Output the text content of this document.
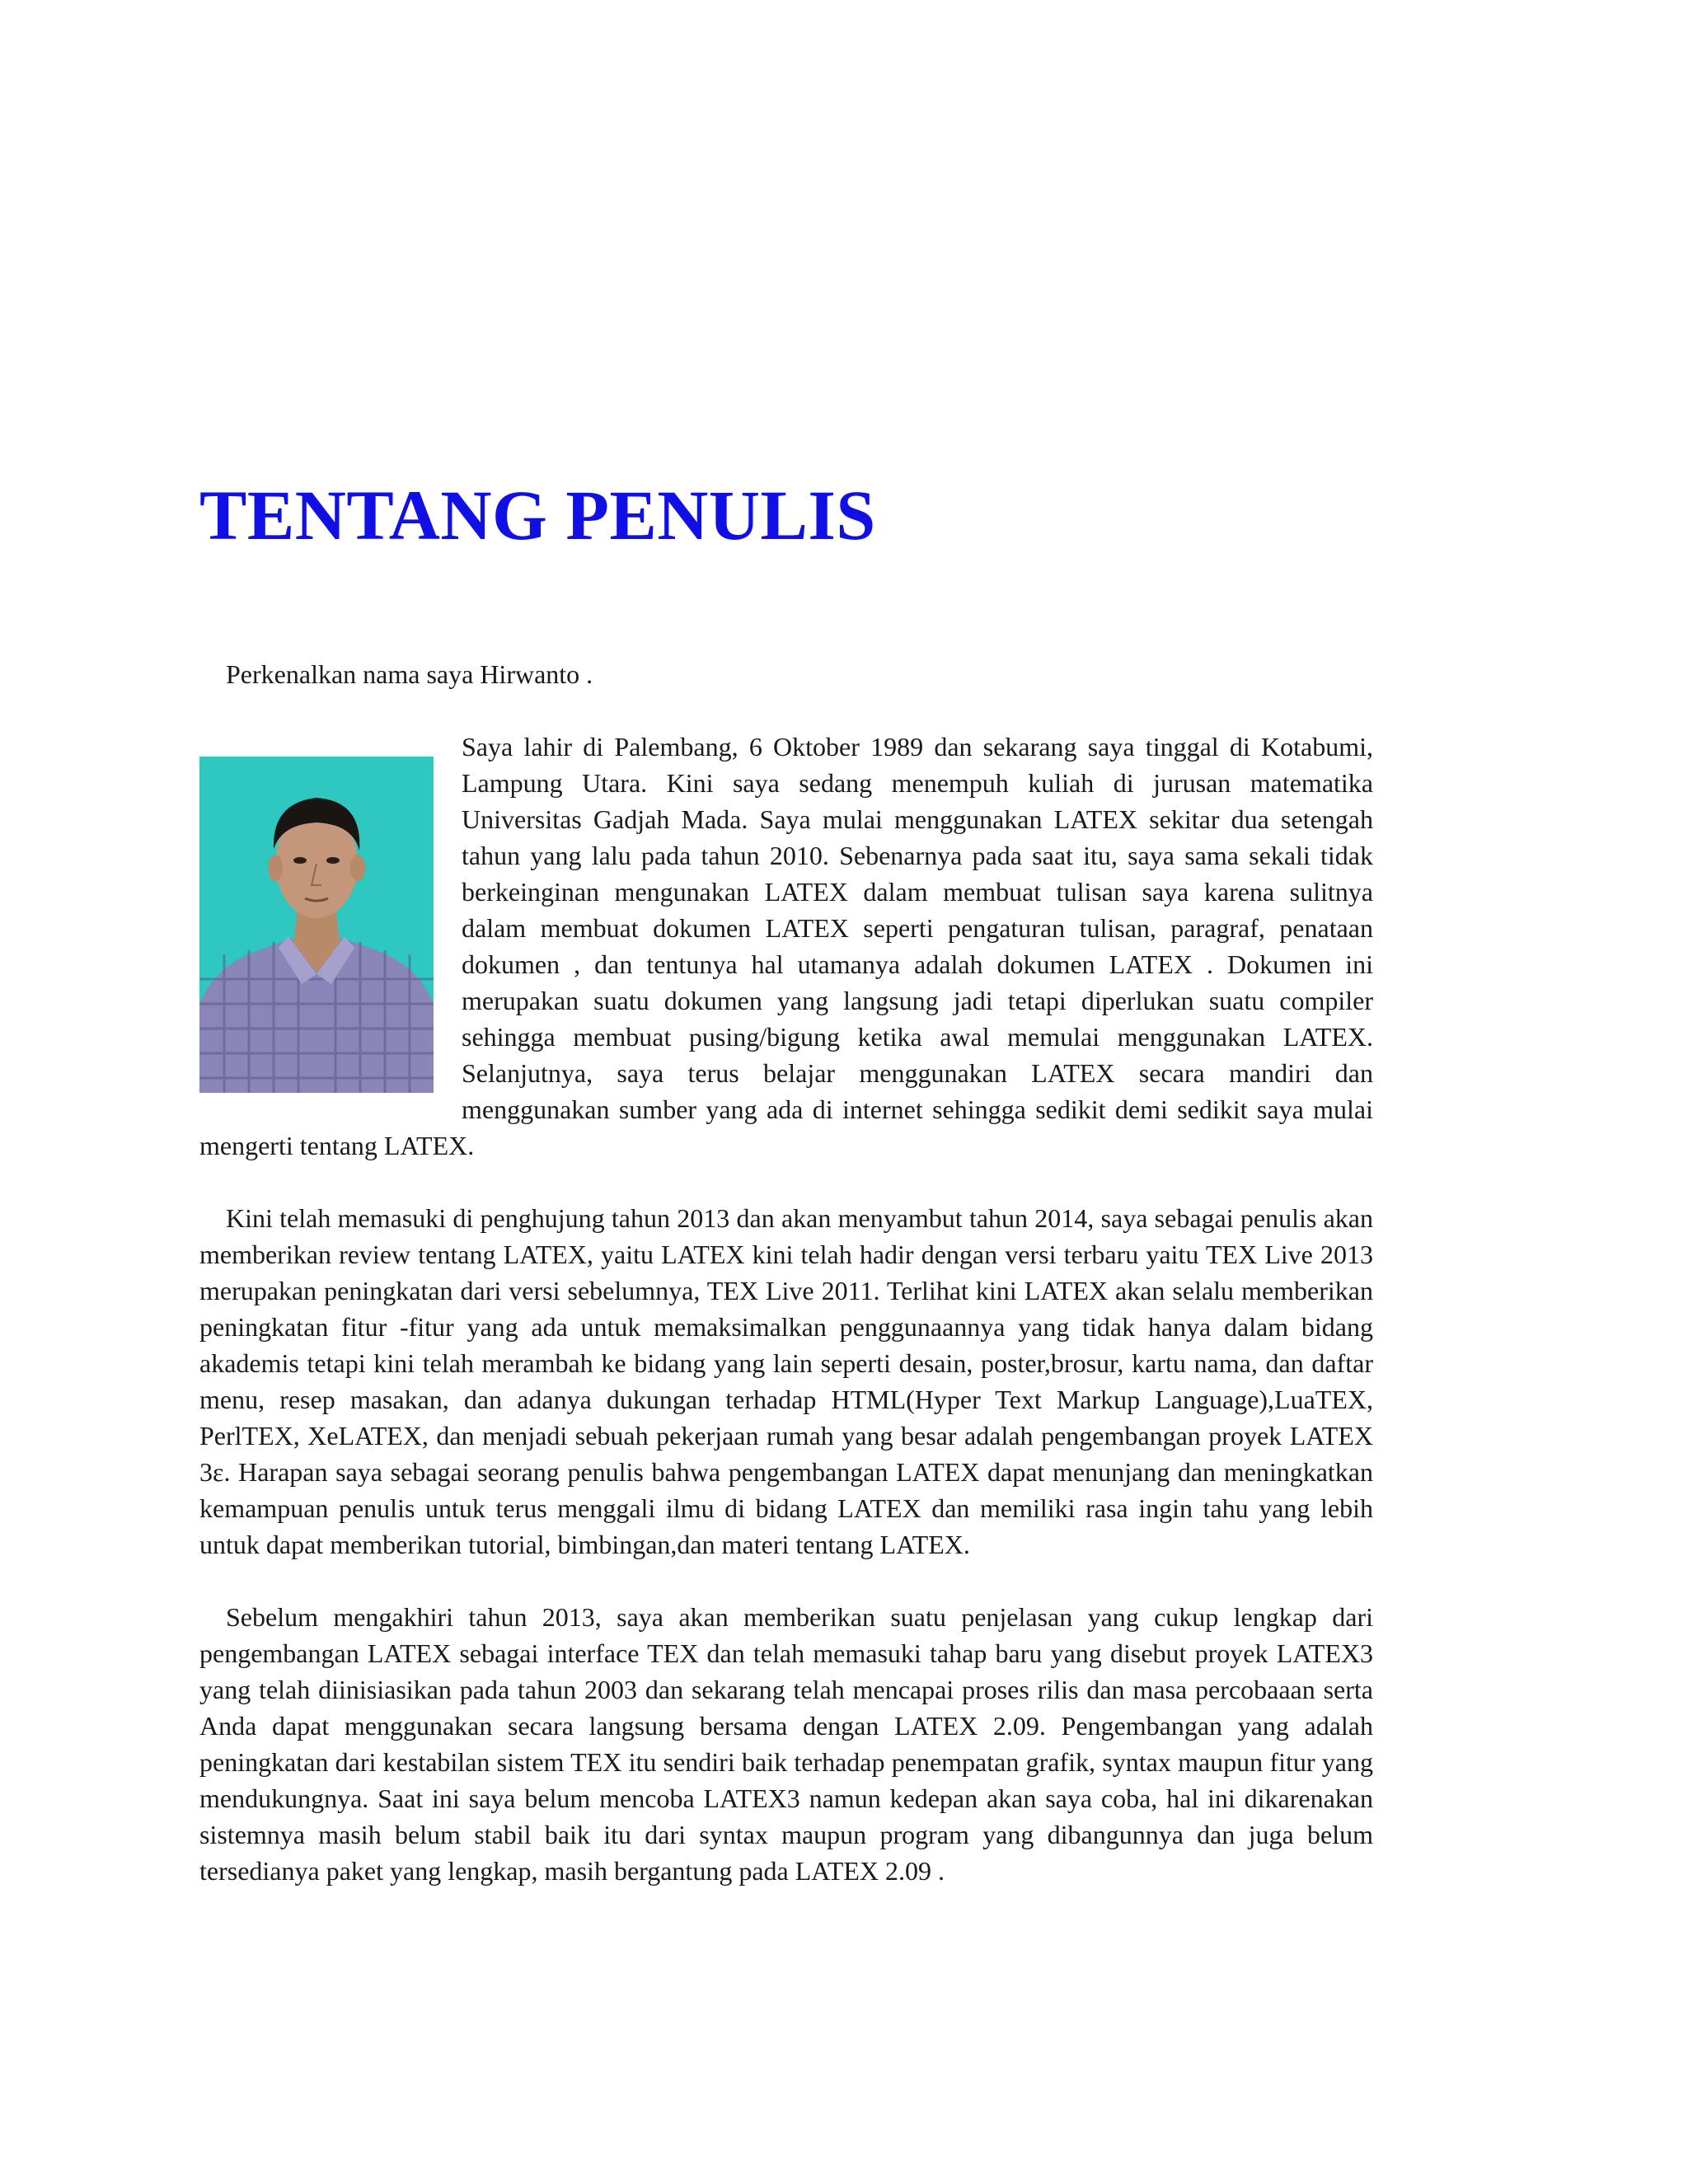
TENTANG PENULIS

Perkenalkan nama saya Hirwanto .

Saya lahir di Palembang, 6 Oktober 1989 dan sekarang saya tinggal di Kotabumi, Lampung Utara. Kini saya sedang menempuh kuliah di jurusan matematika Universitas Gadjah Mada. Saya mulai menggunakan LATEX sekitar dua setengah tahun yang lalu pada tahun 2010. Sebenarnya pada saat itu, saya sama sekali tidak berkeinginan mengunakan LATEX dalam membuat tulisan saya karena sulitnya dalam membuat dokumen LATEX seperti pengaturan tulisan, paragraf, penataan dokumen , dan tentunya hal utamanya adalah dokumen LATEX . Dokumen ini merupakan suatu dokumen yang langsung jadi tetapi diperlukan suatu compiler sehingga membuat pusing/bigung ketika awal memulai menggunakan LATEX. Selanjutnya, saya terus belajar menggunakan LATEX secara mandiri dan menggunakan sumber yang ada di internet sehingga sedikit demi sedikit saya mulai mengerti tentang LATEX.

Kini telah memasuki di penghujung tahun 2013 dan akan menyambut tahun 2014, saya sebagai penulis akan memberikan review tentang LATEX, yaitu LATEX kini telah hadir dengan versi terbaru yaitu TEX Live 2013 merupakan peningkatan dari versi sebelumnya, TEX Live 2011. Terlihat kini LATEX akan selalu memberikan peningkatan fitur -fitur yang ada untuk memaksimalkan penggunaannya yang tidak hanya dalam bidang akademis tetapi kini telah merambah ke bidang yang lain seperti desain, poster,brosur, kartu nama, dan daftar menu, resep masakan, dan adanya dukungan terhadap HTML(Hyper Text Markup Language),LuaTEX, PerlTEX, XeLATEX, dan menjadi sebuah pekerjaan rumah yang besar adalah pengembangan proyek LATEX 3ε. Harapan saya sebagai seorang penulis bahwa pengembangan LATEX dapat menunjang dan meningkatkan kemampuan penulis untuk terus menggali ilmu di bidang LATEX dan memiliki rasa ingin tahu yang lebih untuk dapat memberikan tutorial, bimbingan,dan materi tentang LATEX.

Sebelum mengakhiri tahun 2013, saya akan memberikan suatu penjelasan yang cukup lengkap dari pengembangan LATEX sebagai interface TEX dan telah memasuki tahap baru yang disebut proyek LATEX3 yang telah diinisiasikan pada tahun 2003 dan sekarang telah mencapai proses rilis dan masa percobaaan serta Anda dapat menggunakan secara langsung bersama dengan LATEX 2.09. Pengembangan yang adalah peningkatan dari kestabilan sistem TEX itu sendiri baik terhadap penempatan grafik, syntax maupun fitur yang mendukungnya. Saat ini saya belum mencoba LATEX3 namun kedepan akan saya coba, hal ini dikarenakan sistemnya masih belum stabil baik itu dari syntax maupun program yang dibangunnya dan juga belum tersedianya paket yang lengkap, masih bergantung pada LATEX 2.09 .
